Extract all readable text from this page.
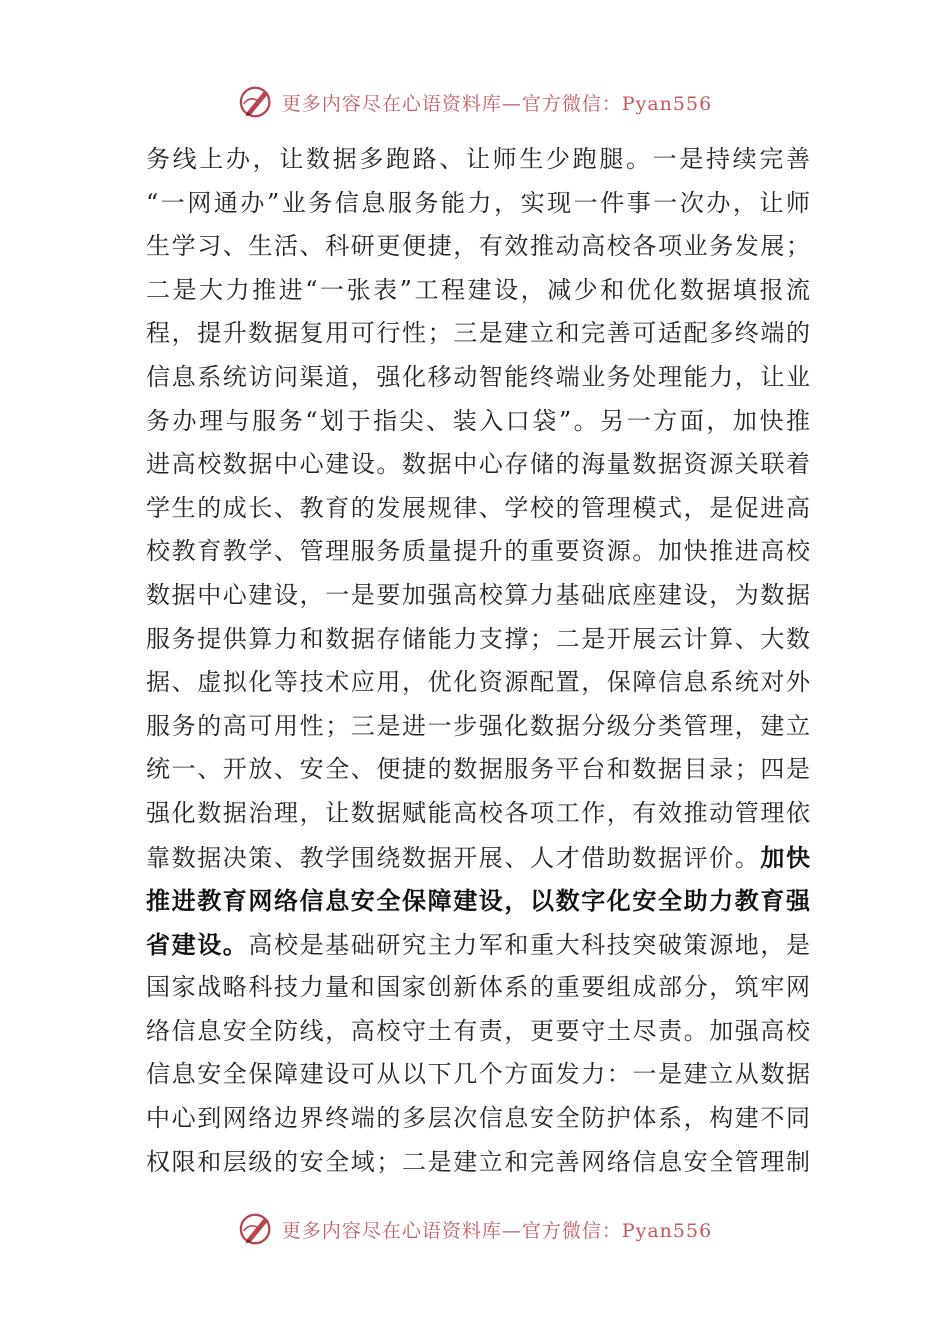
更多内容尽在心语资料库—官方微信：Pyan556
务线上办，让数据多跑路、让师生少跑腿。一是持续完善
“一网通办”业务信息服务能力，实现一件事一次办，让师
生学习、生活、科研更便捷，有效推动高校各项业务发展；
二是大力推进“一张表”工程建设，减少和优化数据填报流
程，提升数据复用可行性；三是建立和完善可适配多终端的
信息系统访问渠道，强化移动智能终端业务处理能力，让业
务办理与服务“划于指尖、装入口袋”。另一方面，加快推
进高校数据中心建设。数据中心存储的海量数据资源关联着
学生的成长、教育的发展规律、学校的管理模式，是促进高
校教育教学、管理服务质量提升的重要资源。加快推进高校
数据中心建设，一是要加强高校算力基础底座建设，为数据
服务提供算力和数据存储能力支撑；二是开展云计算、大数
据、虚拟化等技术应用，优化资源配置，保障信息系统对外
服务的高可用性；三是进一步强化数据分级分类管理，建立
统一、开放、安全、便捷的数据服务平台和数据目录；四是
强化数据治理，让数据赋能高校各项工作，有效推动管理依
靠数据决策、教学围绕数据开展、人才借助数据评价。加快
推进教育网络信息安全保障建设，以数字化安全助力教育强
省建设。高校是基础研究主力军和重大科技突破策源地，是
国家战略科技力量和国家创新体系的重要组成部分，筑牢网
络信息安全防线，高校守土有责，更要守土尽责。加强高校
信息安全保障建设可从以下几个方面发力：一是建立从数据
中心到网络边界终端的多层次信息安全防护体系，构建不同
权限和层级的安全域；二是建立和完善网络信息安全管理制
更多内容尽在心语资料库—官方微信：Pyan556
